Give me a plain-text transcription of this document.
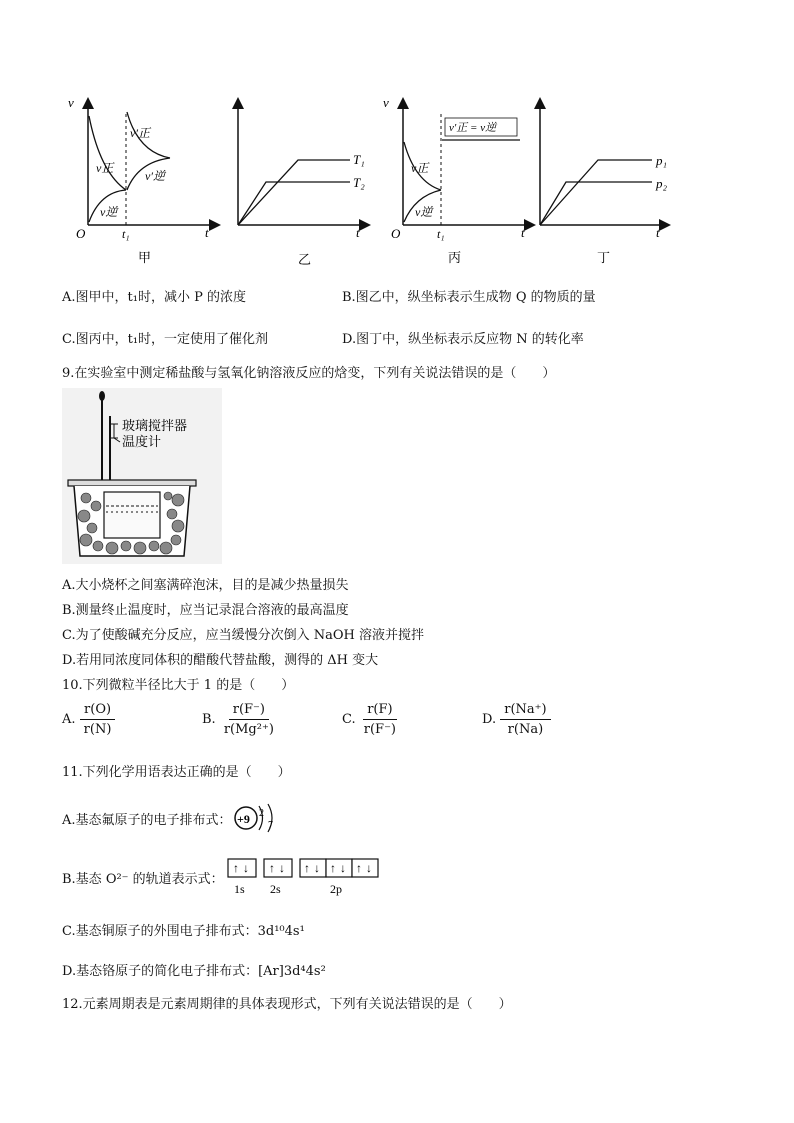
v
t
O	t₁
v′正
v′逆
v正
v逆
t
T₁
T₂
v
t
O	t₁
v′正 = v逆
v正
v逆
t
p₁
p₂
甲	乙	丙	丁
A.图甲中，t₁时，减小 P 的浓度	B.图乙中，纵坐标表示生成物 Q 的物质的量
C.图丙中，t₁时，一定使用了催化剂	D.图丁中，纵坐标表示反应物 N 的转化率
9.在实验室中测定稀盐酸与氢氧化钠溶液反应的焓变，下列有关说法错误的是（　　）
玻璃搅拌器
温度计
A.大小烧杯之间塞满碎泡沫，目的是减少热量损失
B.测量终止温度时，应当记录混合溶液的最高温度
C.为了使酸碱充分反应，应当缓慢分次倒入 NaOH 溶液并搅拌
D.若用同浓度同体积的醋酸代替盐酸，测得的 ΔH 变大
10.下列微粒半径比大于 1 的是（　　）
A. $\frac{r(O)}{r(N)}$	B. $\frac{r(F^-)}{\text{r(Mg²⁺)}}$	C. $\frac{r(F)}{r(F^-)}$	D. $\frac{r(Na^+)}{r(Na)}$
11.下列化学用语表达正确的是（　　）
A.基态氟原子的电子排布式： +9 2
7
B.基态 O²⁻ 的轨道表示式：
↑ ↓ ↑ ↓ ↑ ↓ ↑ ↓ ↑ ↓
1s 2s	2p
C.基态铜原子的外围电子排布式：3d¹⁰4s¹
D.基态铬原子的简化电子排布式：[Ar]3d⁴4s²
12.元素周期表是元素周期律的具体表现形式，下列有关说法错误的是（　　）
